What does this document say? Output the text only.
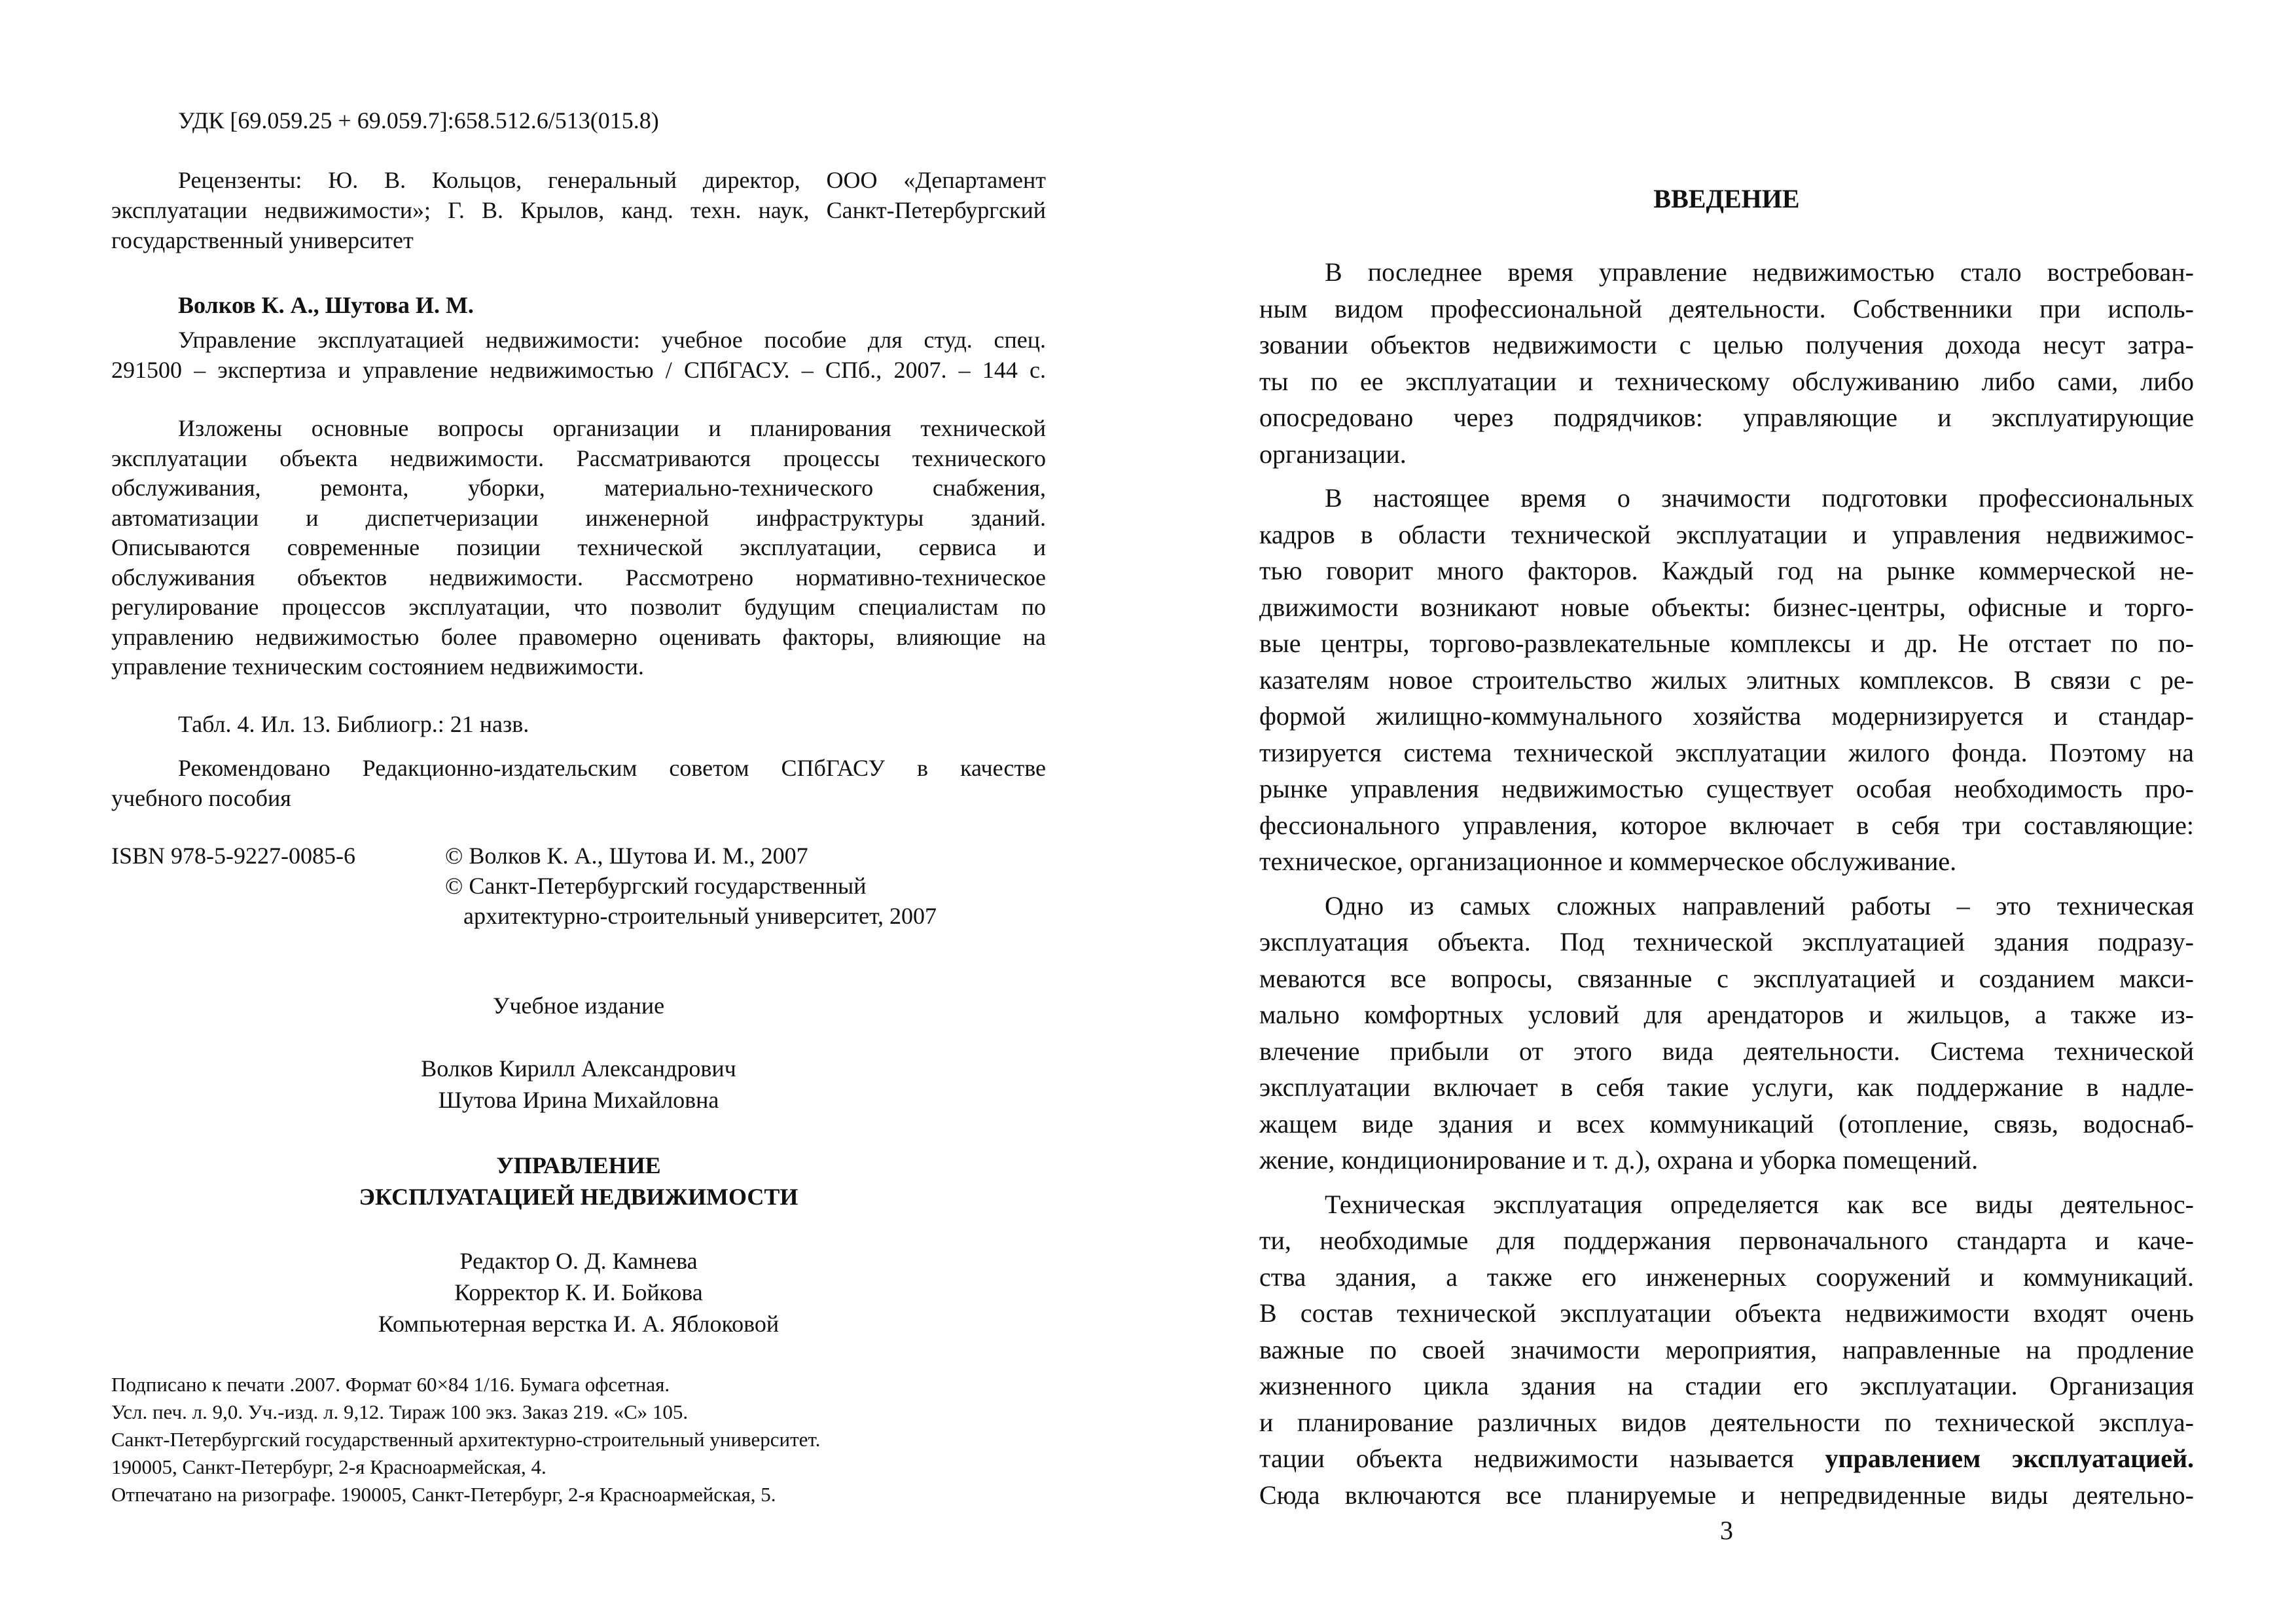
УДК [69.059.25 + 69.059.7]:658.512.6/513(015.8)

Рецензенты: Ю. В. Кольцов, генеральный директор, ООО «Департамент
эксплуатации недвижимости»; Г. В. Крылов, канд. техн. наук, Санкт-Петербургский
государственный университет

Волков К. А., Шутова И. М.

Управление эксплуатацией недвижимости: учебное пособие для студ. спец.
291500 – экспертиза и управление недвижимостью / СПбГАСУ. – СПб., 2007. – 144 с.
Изложены основные вопросы организации и планирования технической
эксплуатации объекта недвижимости. Рассматриваются процессы технического
обслуживания, ремонта, уборки, материально-технического снабжения,
автоматизации и диспетчеризации инженерной инфраструктуры зданий.
Описываются современные позиции технической эксплуатации, сервиса и
обслуживания объектов недвижимости. Рассмотрено нормативно-техническое
регулирование процессов эксплуатации, что позволит будущим специалистам по
управлению недвижимостью более правомерно оценивать факторы, влияющие на
управление техническим состоянием недвижимости.

Табл. 4. Ил. 13. Библиогр.: 21 назв.

Рекомендовано Редакционно-издательским советом СПбГАСУ в качестве
учебного пособия

ISBN 978-5-9227-0085-6	© Волков К. А., Шутова И. М., 2007
© Санкт-Петербургский государственный
архитектурно-строительный университет, 2007

Учебное издание

Волков Кирилл Александрович
Шутова Ирина Михайловна
УПРАВЛЕНИЕ
ЭКСПЛУАТАЦИЕЙ НЕДВИЖИМОСТИ
Редактор О. Д. Камнева
Корректор К. И. Бойкова
Компьютерная верстка И. А. Яблоковой
Подписано к печати .2007. Формат 60×84 1/16. Бумага офсетная.
Усл. печ. л. 9,0. Уч.-изд. л. 9,12. Тираж 100 экз. Заказ 219. «С» 105.
Санкт-Петербургский государственный архитектурно-строительный университет.
190005, Санкт-Петербург, 2-я Красноармейская, 4.
Отпечатано на ризографе. 190005, Санкт-Петербург, 2-я Красноармейская, 5.
ВВЕДЕНИЕ
В последнее время управление недвижимостью стало востребован-
ным видом профессиональной деятельности. Собственники при исполь-
зовании объектов недвижимости с целью получения дохода несут затра-
ты по ее эксплуатации и техническому обслуживанию либо сами, либо
опосредовано через подрядчиков: управляющие и эксплуатирующие
организации.
В настоящее время о значимости подготовки профессиональных
кадров в области технической эксплуатации и управления недвижимос-
тью говорит много факторов. Каждый год на рынке коммерческой не-
движимости возникают новые объекты: бизнес-центры, офисные и торго-
вые центры, торгово-развлекательные комплексы и др. Не отстает по по-
казателям новое строительство жилых элитных комплексов. В связи с ре-
формой жилищно-коммунального хозяйства модернизируется и стандар-
тизируется система технической эксплуатации жилого фонда. Поэтому на
рынке управления недвижимостью существует особая необходимость про-
фессионального управления, которое включает в себя три составляющие:
техническое, организационное и коммерческое обслуживание.
Одно из самых сложных направлений работы – это техническая
эксплуатация объекта. Под технической эксплуатацией здания подразу-
меваются все вопросы, связанные с эксплуатацией и созданием макси-
мально комфортных условий для арендаторов и жильцов, а также из-
влечение прибыли от этого вида деятельности. Система технической
эксплуатации включает в себя такие услуги, как поддержание в надле-
жащем виде здания и всех коммуникаций (отопление, связь, водоснаб-
жение, кондиционирование и т. д.), охрана и уборка помещений.
Техническая эксплуатация определяется как все виды деятельнос-
ти, необходимые для поддержания первоначального стандарта и каче-
ства здания, а также его инженерных сооружений и коммуникаций.
В состав технической эксплуатации объекта недвижимости входят очень
важные по своей значимости мероприятия, направленные на продление
жизненного цикла здания на стадии его эксплуатации. Организация
и планирование различных видов деятельности по технической эксплуа-
тации объекта недвижимости называется управлением эксплуатацией.
Сюда включаются все планируемые и непредвиденные виды деятельно-

3
